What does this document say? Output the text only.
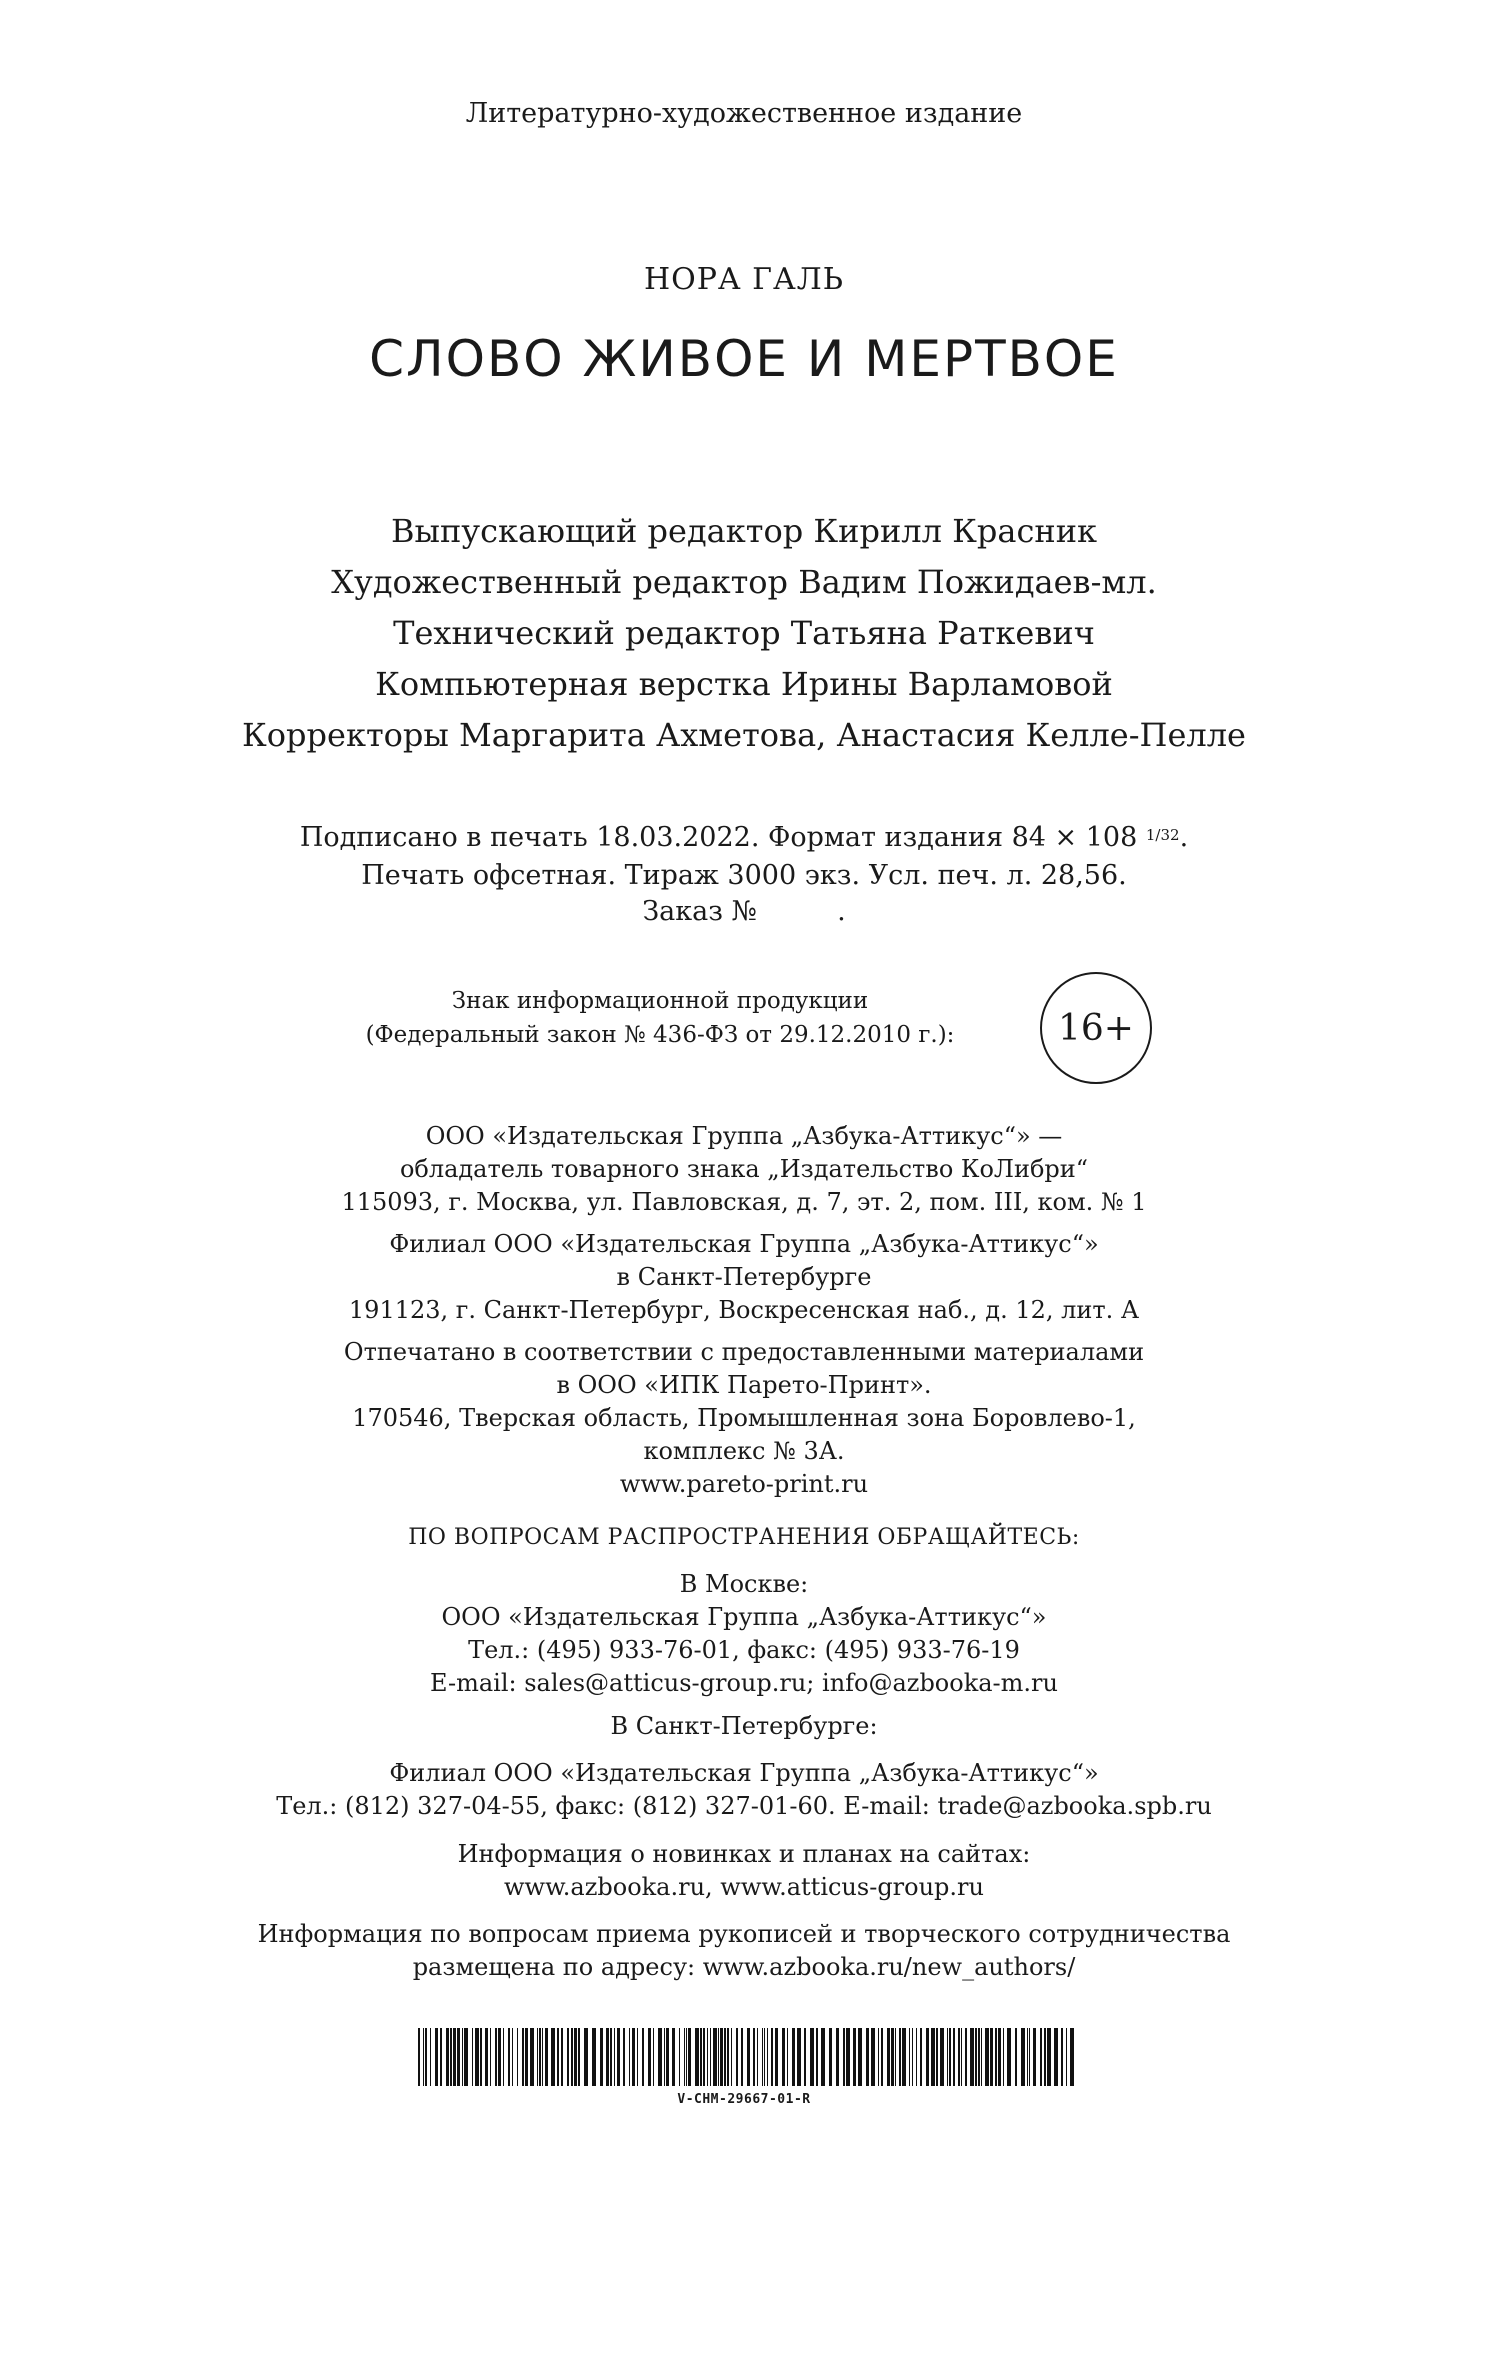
Литературно-художественное издание
НОРА ГАЛЬ
СЛОВО ЖИВОЕ И МЕРТВОЕ
Выпускающий редактор Кирилл Красник
Художественный редактор Вадим Пожидаев-мл.
Технический редактор Татьяна Раткевич
Компьютерная верстка Ирины Варламовой
Корректоры Маргарита Ахметова, Анастасия Келле-Пелле
Подписано в печать 18.03.2022. Формат издания 84 × 108 $^{1/32}$.
Печать офсетная. Тираж 3000 экз. Усл. печ. л. 28,56.
Заказ №	.
Знак информационной продукции
(Федеральный закон № 436-ФЗ от 29.12.2010 г.):	16+
ООО «Издательская Группа „Азбука-Аттикус“» —
обладатель товарного знака „Издательство КоЛибри“
115093, г. Москва, ул. Павловская, д. 7, эт. 2, пом. III, ком. № 1
Филиал ООО «Издательская Группа „Азбука-Аттикус“»
в Санкт-Петербурге
191123, г. Санкт-Петербург, Воскресенская наб., д. 12, лит. А
Отпечатано в соответствии с предоставленными материалами
в ООО «ИПК Парето-Принт».
170546, Тверская область, Промышленная зона Боровлево-1,
комплекс № 3А.
www.pareto-print.ru
ПО ВОПРОСАМ РАСПРОСТРАНЕНИЯ ОБРАЩАЙТЕСЬ:
В Москве:
ООО «Издательская Группа „Азбука-Аттикус“»
Тел.: (495) 933-76-01, факс: (495) 933-76-19
E-mail: sales@atticus-group.ru; info@azbooka-m.ru
В Санкт-Петербурге:
Филиал ООО «Издательская Группа „Азбука-Аттикус“»
Тел.: (812) 327-04-55, факс: (812) 327-01-60. E-mail: trade@azbooka.spb.ru
Информация о новинках и планах на сайтах:
www.azbooka.ru, www.atticus-group.ru
Информация по вопросам приема рукописей и творческого сотрудничества
размещена по адресу: www.azbooka.ru/new_authors/
V-CHM-29667-01-R
